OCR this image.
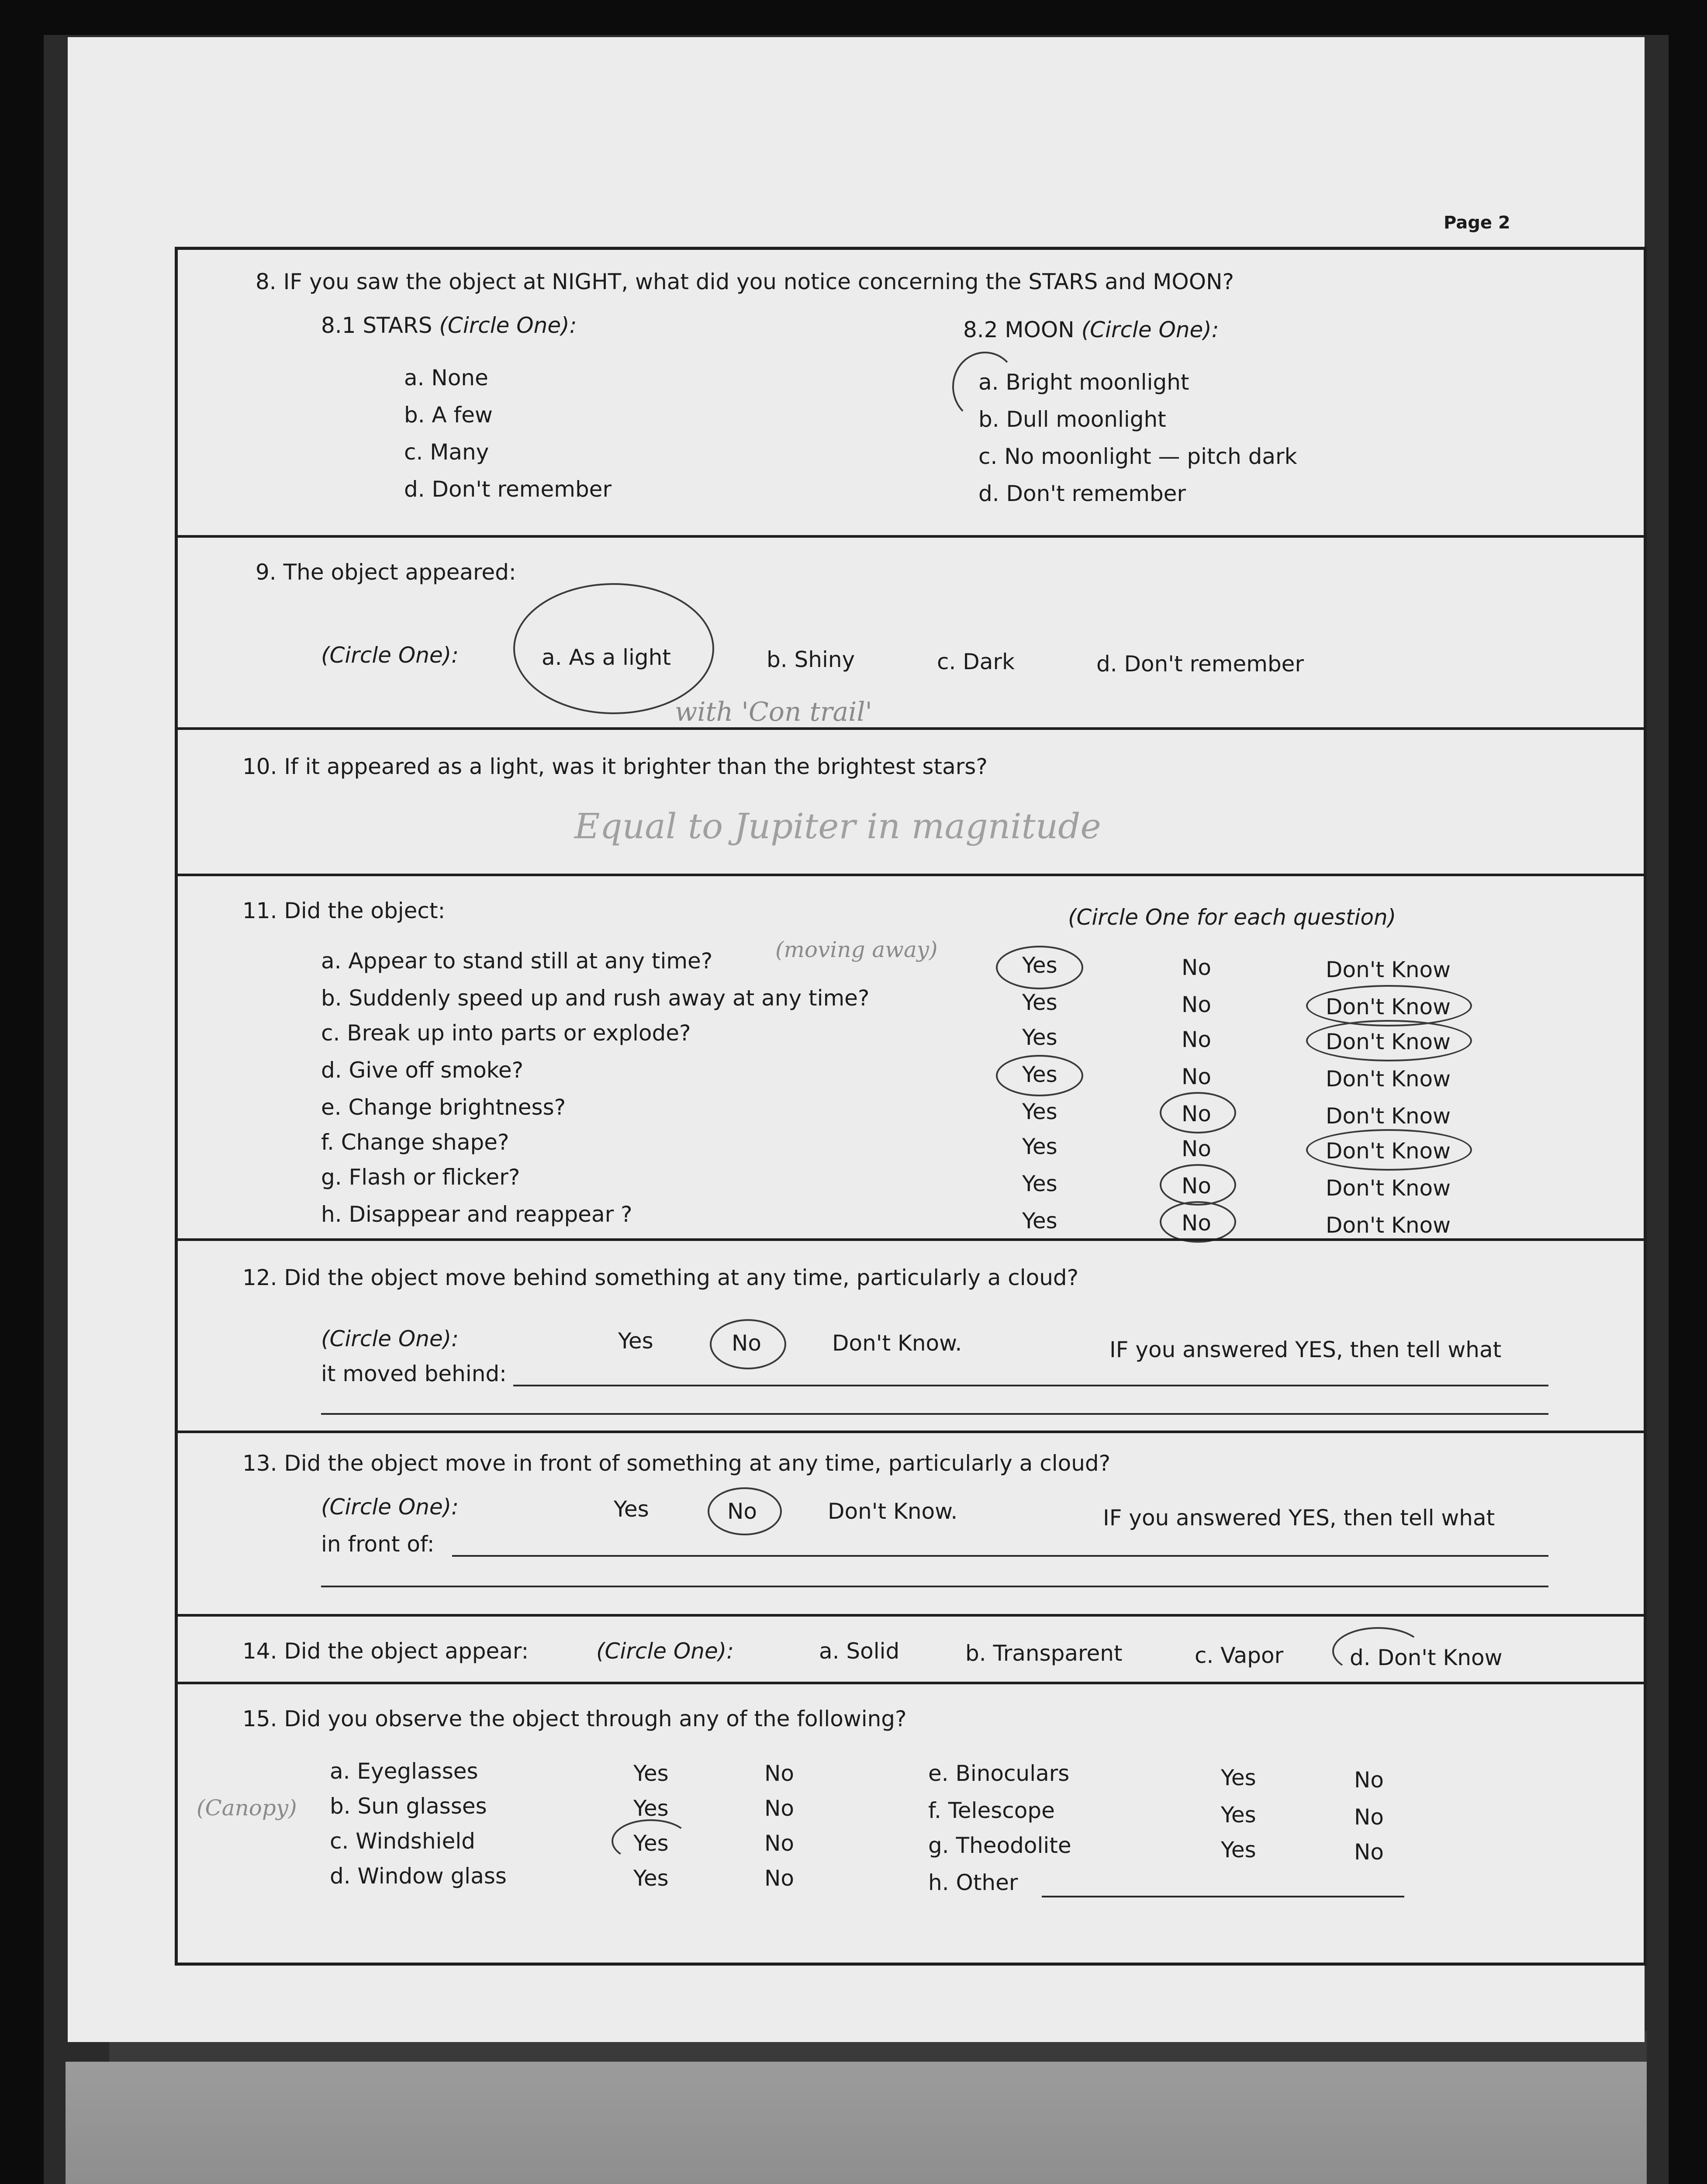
Page 2
8. IF you saw the object at NIGHT, what did you notice concerning the STARS and MOON?
8.1 STARS (Circle One):	8.2 MOON (Circle One):
a. None
b. A few
c. Many
d. Don't remember
a. Bright moonlight
b. Dull moonlight
c. No moonlight — pitch dark
d. Don't remember
9. The object appeared:
(Circle One):	a. As a light	b. Shiny	c. Dark	d. Don't remember
with 'Con trail'
10. If it appeared as a light, was it brighter than the brightest stars?
Equal to Jupiter in magnitude
11. Did the object:	(Circle One for each question)
(moving away)
a. Appear to stand still at any time?	Yes	No	Don't Know
b. Suddenly speed up and rush away at any time?	Yes	No	Don't Know
c. Break up into parts or explode?	Yes	No	Don't Know
d. Give off smoke?	Yes	No	Don't Know
e. Change brightness?	Yes	No	Don't Know
f. Change shape?	Yes	No	Don't Know
g. Flash or flicker?	Yes	No	Don't Know
h. Disappear and reappear ?	Yes	No	Don't Know
12. Did the object move behind something at any time, particularly a cloud?
(Circle One):	Yes	No	Don't Know.	IF you answered YES, then tell what
it moved behind:
13. Did the object move in front of something at any time, particularly a cloud?
(Circle One):	Yes	No	Don't Know.	IF you answered YES, then tell what
in front of:
14. Did the object appear:	(Circle One):	a. Solid	b. Transparent	c. Vapor	d. Don't Know
15. Did you observe the object through any of the following?
(Canopy)
a. Eyeglasses	Yes	No
b. Sun glasses	Yes	No
c. Windshield	Yes	No
d. Window glass	Yes	No
e. Binoculars	Yes	No
f. Telescope	Yes	No
g. Theodolite	Yes	No
h. Other
